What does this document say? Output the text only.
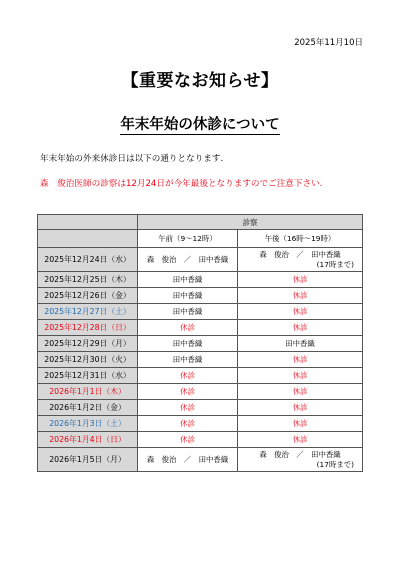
2025年11月10日
【重要なお知らせ】
年末年始の休診について
年末年始の外来休診日は以下の通りとなります.
森　俊治医師の診察は12月24日が今年最後となりますのでご注意下さい.
	診察	
	午前（9～12時）	午後（16時～19時）
2025年12月24日（水）	森　俊治　／　田中香織	森　俊治　／　田中香織
(17時まで)

2025年12月25日（木）	田中香織	休診

2025年12月26日（金）	田中香織	休診

2025年12月27日（土）	田中香織	休診

2025年12月28日（日）	休診	休診

2025年12月29日（月）	田中香織	田中香織

2025年12月30日（火）	田中香織	休診

2025年12月31日（水）	休診	休診

2026年1月1日（木）	休診	休診

2026年1月2日（金）	休診	休診

2026年1月3日（土）	休診	休診

2026年1月4日（日）	休診	休診

2026年1月5日（月）	森　俊治　／　田中香織	森　俊治　／　田中香織
(17時まで)
